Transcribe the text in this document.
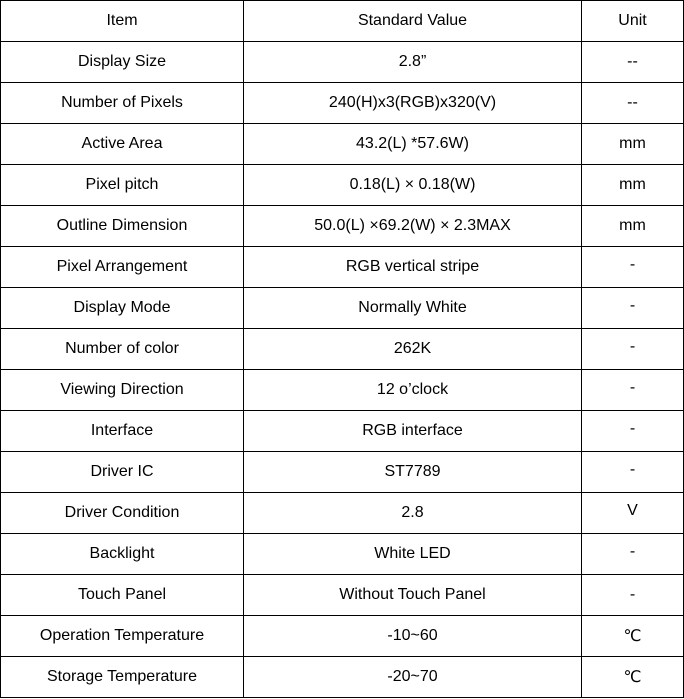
Item	Standard Value	Unit
Display Size	2.8”	--
Number of Pixels	240(H)x3(RGB)x320(V)	--
Active Area	43.2(L) *57.6W)	mm
Pixel pitch	0.18(L) × 0.18(W)	mm
Outline Dimension	50.0(L) ×69.2(W) × 2.3MAX	mm
Pixel Arrangement	RGB vertical stripe	-
Display Mode	Normally White	-
Number of color	262K	-
Viewing Direction	12 o’clock	-
Interface	RGB interface	-
Driver IC	ST7789	-
Driver Condition	2.8	V
Backlight	White LED	-
Touch Panel	Without Touch Panel	-
Operation Temperature	-10~60	℃
Storage Temperature	-20~70	℃
